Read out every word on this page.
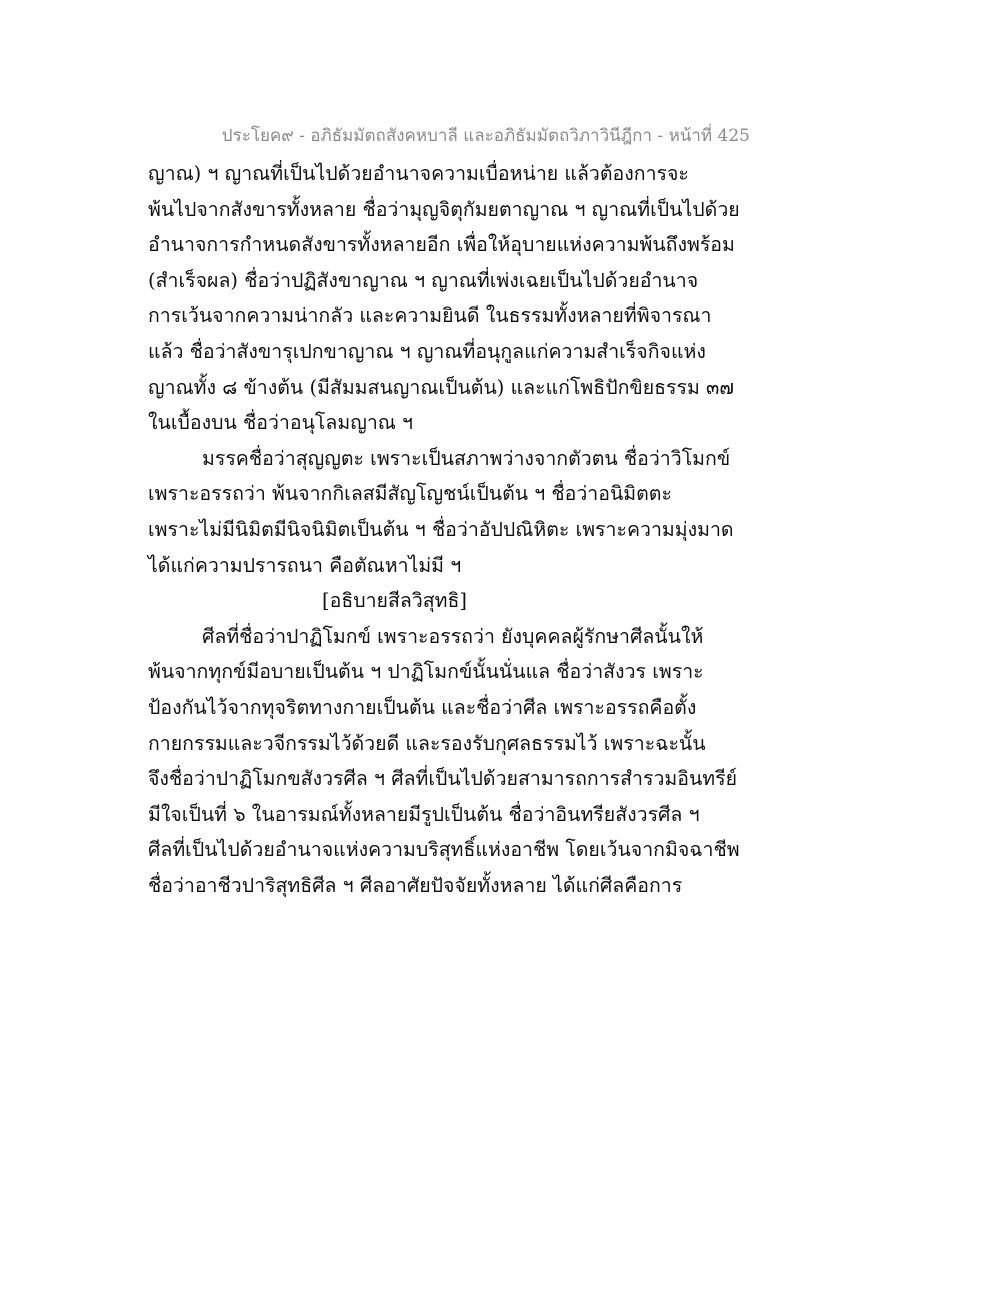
ประโยค๙ - อภิธัมมัตถสังคหบาลี และอภิธัมมัตถวิภาวินีฎีกา - หน้าที่ 425
ญาณ) ฯ ญาณที่เป็นไปด้วยอำนาจความเบื่อหน่าย แล้วต้องการจะ
พ้นไปจากสังขารทั้งหลาย ชื่อว่ามุญจิตุกัมยตาญาณ ฯ ญาณที่เป็นไปด้วย
อำนาจการกำหนดสังขารทั้งหลายอีก เพื่อให้อุบายแห่งความพ้นถึงพร้อม
(สำเร็จผล) ชื่อว่าปฏิสังขาญาณ ฯ ญาณที่เพ่งเฉยเป็นไปด้วยอำนาจ
การเว้นจากความน่ากลัว และความยินดี ในธรรมทั้งหลายที่พิจารณา
แล้ว ชื่อว่าสังขารุเปกขาญาณ ฯ ญาณที่อนุกูลแก่ความสำเร็จกิจแห่ง
ญาณทั้ง ๘ ข้างต้น (มีสัมมสนญาณเป็นต้น) และแก่โพธิปักขิยธรรม ๓๗
ในเบื้องบน ชื่อว่าอนุโลมญาณ ฯ
มรรคชื่อว่าสุญญตะ เพราะเป็นสภาพว่างจากตัวตน ชื่อว่าวิโมกข์
เพราะอรรถว่า พ้นจากกิเลสมีสัญโญชน์เป็นต้น ฯ ชื่อว่าอนิมิตตะ
เพราะไม่มีนิมิตมีนิจนิมิตเป็นต้น ฯ ชื่อว่าอัปปณิหิตะ เพราะความมุ่งมาด
ได้แก่ความปรารถนา คือตัณหาไม่มี ฯ
[อธิบายสีลวิสุทธิ]
ศีลที่ชื่อว่าปาฏิโมกข์ เพราะอรรถว่า ยังบุคคลผู้รักษาศีลนั้นให้
พ้นจากทุกข์มีอบายเป็นต้น ฯ ปาฏิโมกข์นั้นนั่นแล ชื่อว่าสังวร เพราะ
ป้องกันไว้จากทุจริตทางกายเป็นต้น และชื่อว่าศีล เพราะอรรถคือตั้ง
กายกรรมและวจีกรรมไว้ด้วยดี และรองรับกุศลธรรมไว้ เพราะฉะนั้น
จึงชื่อว่าปาฏิโมกขสังวรศีล ฯ ศีลที่เป็นไปด้วยสามารถการสำรวมอินทรีย์
มีใจเป็นที่ ๖ ในอารมณ์ทั้งหลายมีรูปเป็นต้น ชื่อว่าอินทรียสังวรศีล ฯ
ศีลที่เป็นไปด้วยอำนาจแห่งความบริสุทธิ์แห่งอาชีพ โดยเว้นจากมิจฉาชีพ
ชื่อว่าอาชีวปาริสุทธิศีล ฯ ศีลอาศัยปัจจัยทั้งหลาย ได้แก่ศีลคือการ
